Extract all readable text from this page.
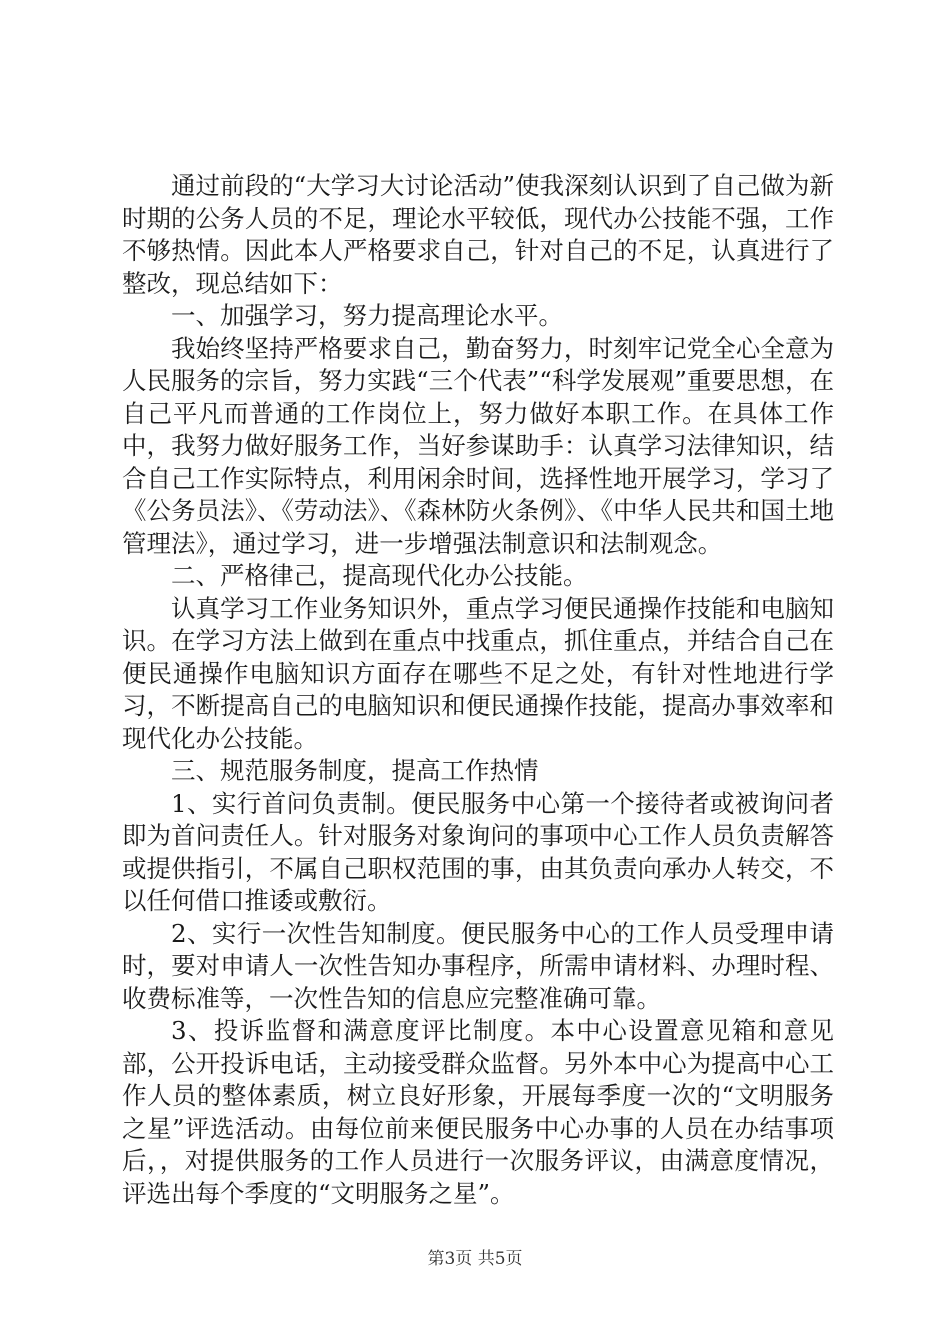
通过前段的“大学习大讨论活动”使我深刻认识到了自己做为新时期的公务人员的不足，理论水平较低，现代办公技能不强，工作不够热情。因此本人严格要求自己，针对自己的不足，认真进行了整改，现总结如下：

一、加强学习，努力提高理论水平。

我始终坚持严格要求自己，勤奋努力，时刻牢记党全心全意为人民服务的宗旨，努力实践“三个代表”“科学发展观”重要思想，在自己平凡而普通的工作岗位上，努力做好本职工作。在具体工作中，我努力做好服务工作，当好参谋助手：认真学习法律知识，结合自己工作实际特点，利用闲余时间，选择性地开展学习，学习了《公务员法》、《劳动法》、《森林防火条例》、《中华人民共和国土地管理法》，通过学习，进一步增强法制意识和法制观念。

二、严格律己，提高现代化办公技能。

认真学习工作业务知识外，重点学习便民通操作技能和电脑知识。在学习方法上做到在重点中找重点，抓住重点，并结合自己在便民通操作电脑知识方面存在哪些不足之处，有针对性地进行学习，不断提高自己的电脑知识和便民通操作技能，提高办事效率和现代化办公技能。

三、规范服务制度，提高工作热情

1、实行首问负责制。便民服务中心第一个接待者或被询问者即为首问责任人。针对服务对象询问的事项中心工作人员负责解答或提供指引，不属自己职权范围的事，由其负责向承办人转交，不以任何借口推诿或敷衍。

2、实行一次性告知制度。便民服务中心的工作人员受理申请时，要对申请人一次性告知办事程序，所需申请材料、办理时程、收费标准等，一次性告知的信息应完整准确可靠。

3、投诉监督和满意度评比制度。本中心设置意见箱和意见部，公开投诉电话，主动接受群众监督。另外本中心为提高中心工作人员的整体素质，树立良好形象，开展每季度一次的“文明服务之星”评选活动。由每位前来便民服务中心办事的人员在办结事项后，，对提供服务的工作人员进行一次服务评议，由满意度情况，评选出每个季度的“文明服务之星”。

第3页 共5页
